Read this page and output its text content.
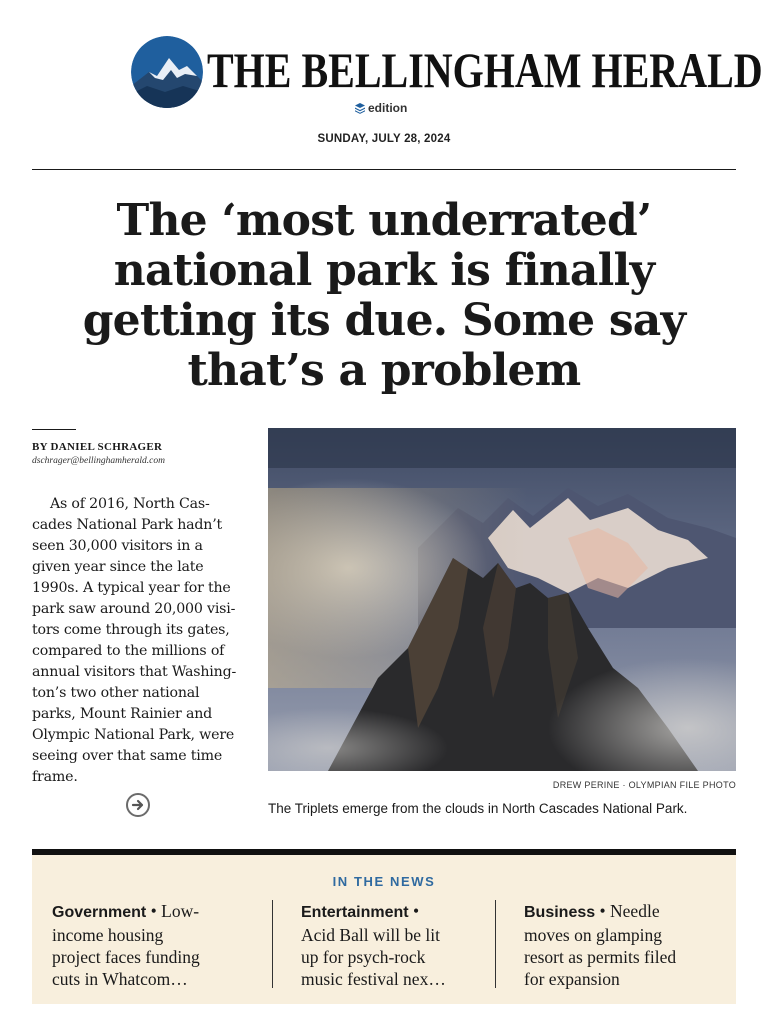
THE BELLINGHAM HERALD
edition
SUNDAY, JULY 28, 2024
The ‘most underrated’ national park is finally getting its due. Some say that’s a problem
BY DANIEL SCHRAGER
dschrager@bellinghamherald.com
As of 2016, North Cas-
cades National Park hadn’t
seen 30,000 visitors in a
given year since the late
1990s. A typical year for the
park saw around 20,000 visi-
tors come through its gates,
compared to the millions of
annual visitors that Washing-
ton’s two other national
parks, Mount Rainier and
Olympic National Park, were
seeing over that same time
frame.	DREW PERINE · OLYMPIAN FILE PHOTO
The Triplets emerge from the clouds in North Cascades National Park.
IN THE NEWS
Government • Low-
income housing
project faces funding
cuts in Whatcom…
Entertainment •
Acid Ball will be lit
up for psych-rock
music festival nex…
Business • Needle
moves on glamping
resort as permits filed
for expansion
